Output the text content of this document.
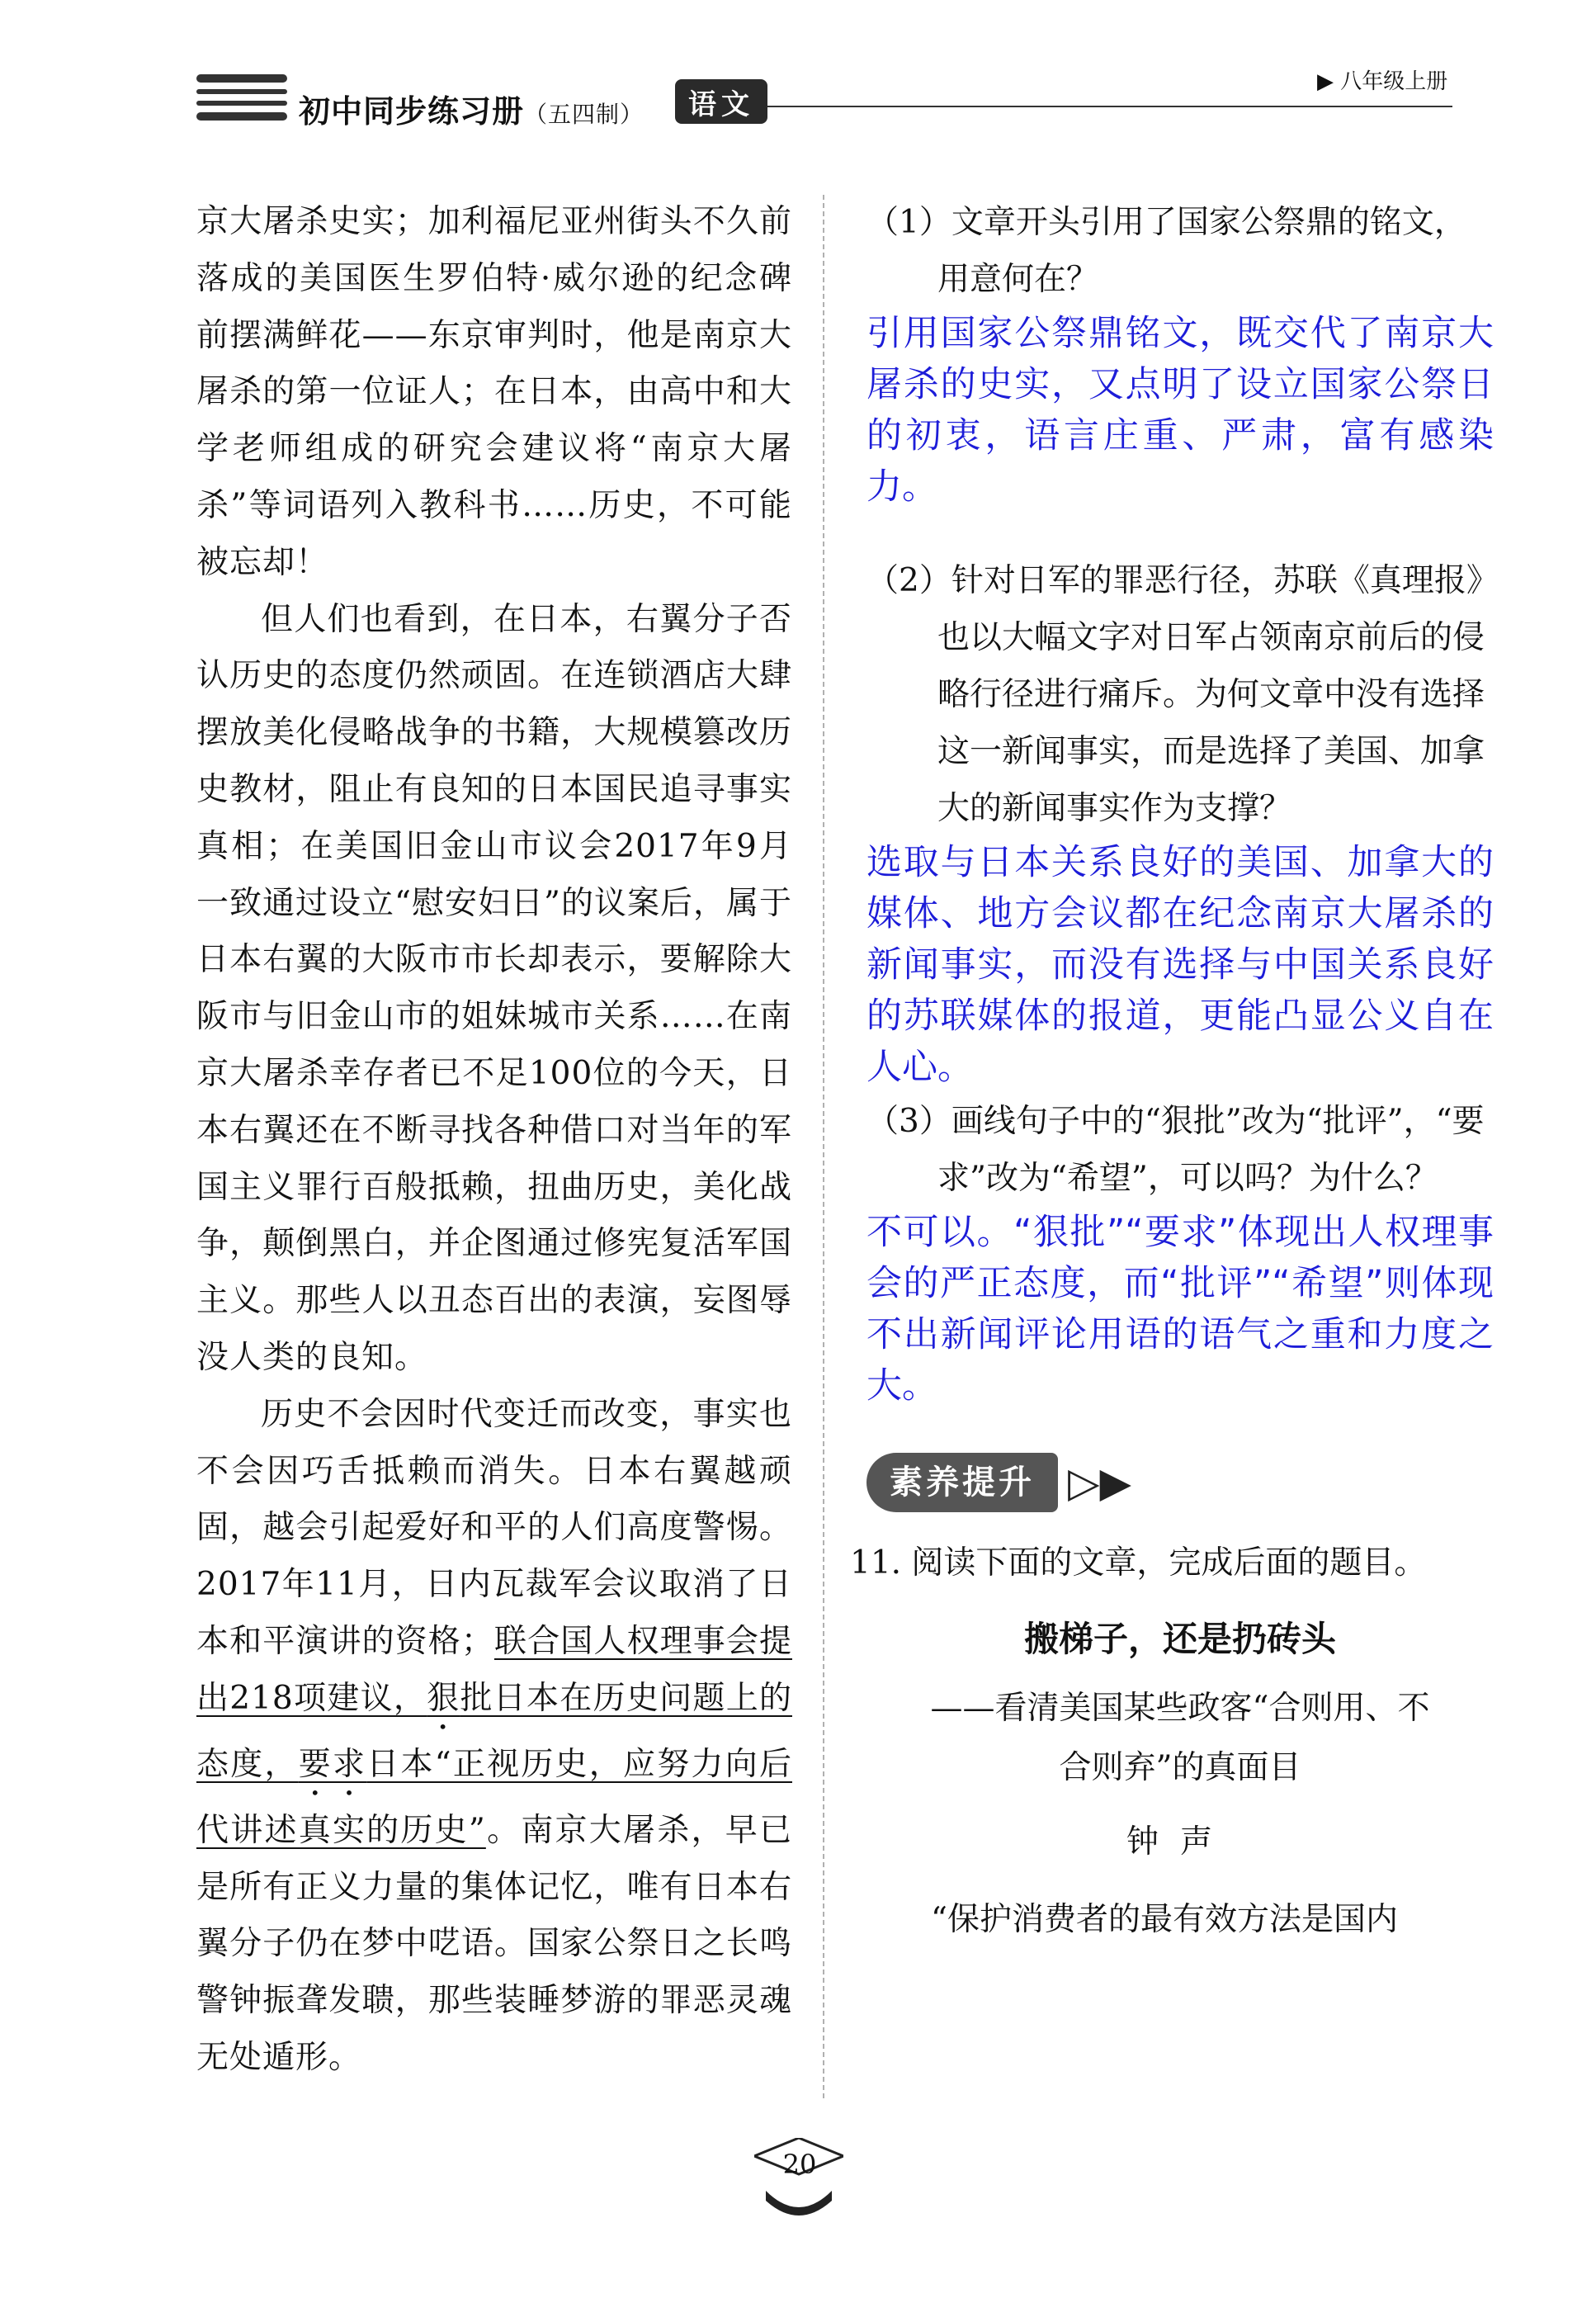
初中同步练习册（五四制）	语文
▶ 八年级上册

京大屠杀史实；加利福尼亚州街头不久前落成的美国医生罗伯特·威尔逊的纪念碑前摆满鲜花——东京审判时，他是南京大屠杀的第一位证人；在日本，由高中和大学老师组成的研究会建议将“南京大屠杀”等词语列入教科书……历史，不可能被忘却！

但人们也看到，在日本，右翼分子否认历史的态度仍然顽固。在连锁酒店大肆摆放美化侵略战争的书籍，大规模篡改历史教材，阻止有良知的日本国民追寻事实真相；在美国旧金山市议会2017年9月一致通过设立“慰安妇日”的议案后，属于日本右翼的大阪市市长却表示，要解除大阪市与旧金山市的姐妹城市关系……在南京大屠杀幸存者已不足100位的今天，日本右翼还在不断寻找各种借口对当年的军国主义罪行百般抵赖，扭曲历史，美化战争，颠倒黑白，并企图通过修宪复活军国主义。那些人以丑态百出的表演，妄图辱没人类的良知。

历史不会因时代变迁而改变，事实也不会因巧舌抵赖而消失。日本右翼越顽固，越会引起爱好和平的人们高度警惕。2017年11月，日内瓦裁军会议取消了日本和平演讲的资格；联合国人权理事会提出218项建议，狠批日本在历史问题上的态度，要求日本“正视历史，应努力向后代讲述真实的历史”。南京大屠杀，早已是所有正义力量的集体记忆，唯有日本右翼分子仍在梦中呓语。国家公祭日之长鸣警钟振聋发聩，那些装睡梦游的罪恶灵魂无处遁形。

（1）文章开头引用了国家公祭鼎的铭文，用意何在？

引用国家公祭鼎铭文，既交代了南京大屠杀的史实，又点明了设立国家公祭日的初衷，语言庄重、严肃，富有感染力。

（2）针对日军的罪恶行径，苏联《真理报》也以大幅文字对日军占领南京前后的侵略行径进行痛斥。为何文章中没有选择这一新闻事实，而是选择了美国、加拿大的新闻事实作为支撑？

选取与日本关系良好的美国、加拿大的媒体、地方会议都在纪念南京大屠杀的新闻事实，而没有选择与中国关系良好的苏联媒体的报道，更能凸显公义自在人心。

（3）画线句子中的“狠批”改为“批评”，“要求”改为“希望”，可以吗？为什么？

不可以。“狠批”“要求”体现出人权理事会的严正态度，而“批评”“希望”则体现不出新闻评论用语的语气之重和力度之大。

素养提升 ▷▶

11. 阅读下面的文章，完成后面的题目。

搬梯子，还是扔砖头

——看清美国某些政客“合则用、不
合则弃”的真面目

钟声

“保护消费者的最有效方法是国内

20
